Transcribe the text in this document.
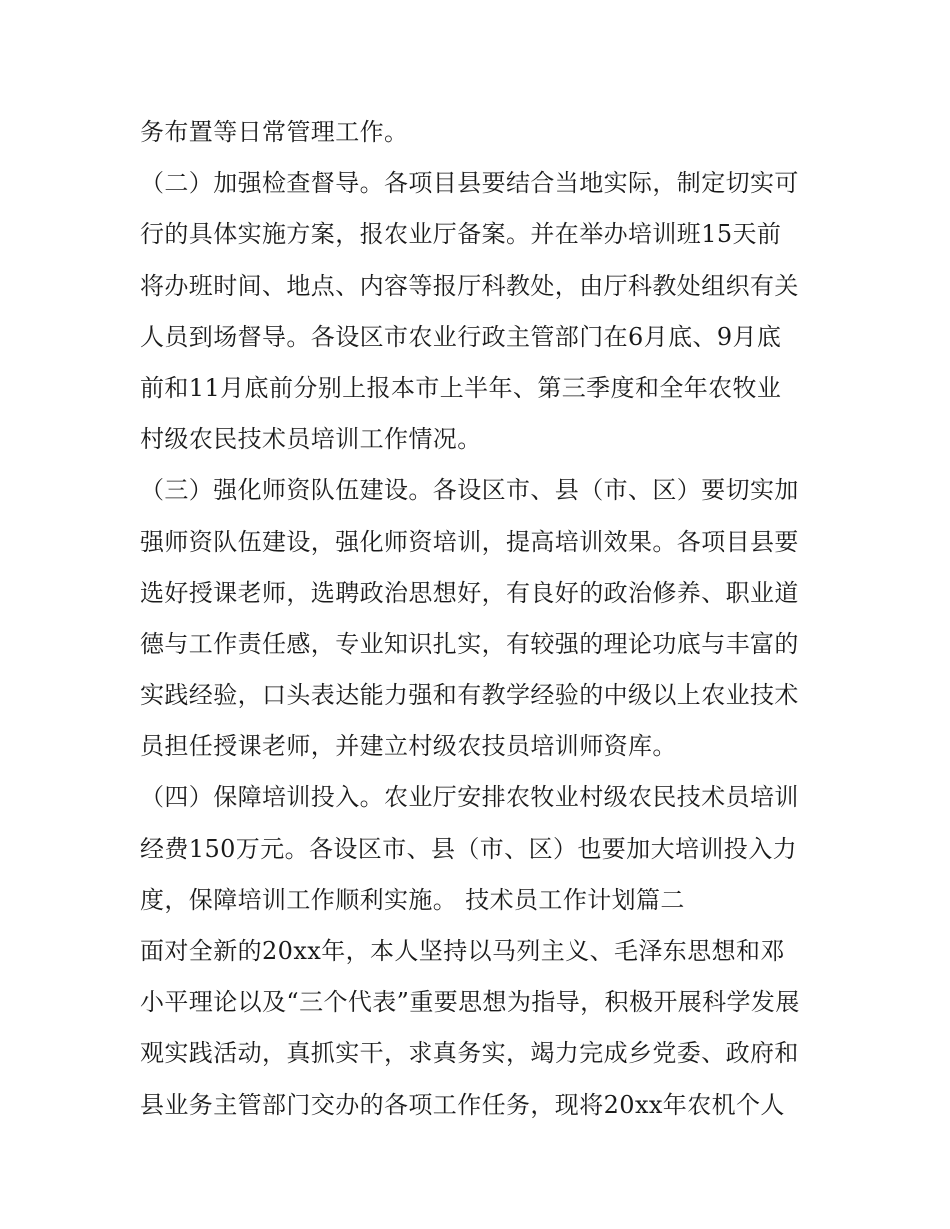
务布置等日常管理工作。
（二）加强检查督导。各项目县要结合当地实际，制定切实可
行的具体实施方案，报农业厅备案。并在举办培训班15天前
将办班时间、地点、内容等报厅科教处，由厅科教处组织有关
人员到场督导。各设区市农业行政主管部门在6月底、9月底
前和11月底前分别上报本市上半年、第三季度和全年农牧业
村级农民技术员培训工作情况。
（三）强化师资队伍建设。各设区市、县（市、区）要切实加
强师资队伍建设，强化师资培训，提高培训效果。各项目县要
选好授课老师，选聘政治思想好，有良好的政治修养、职业道
德与工作责任感，专业知识扎实，有较强的理论功底与丰富的
实践经验，口头表达能力强和有教学经验的中级以上农业技术
员担任授课老师，并建立村级农技员培训师资库。
（四）保障培训投入。农业厅安排农牧业村级农民技术员培训
经费150万元。各设区市、县（市、区）也要加大培训投入力
度，保障培训工作顺利实施。 技术员工作计划篇二
面对全新的20xx年，本人坚持以马列主义、毛泽东思想和邓
小平理论以及“三个代表”重要思想为指导，积极开展科学发展
观实践活动，真抓实干，求真务实，竭力完成乡党委、政府和
县业务主管部门交办的各项工作任务，现将20xx年农机个人
